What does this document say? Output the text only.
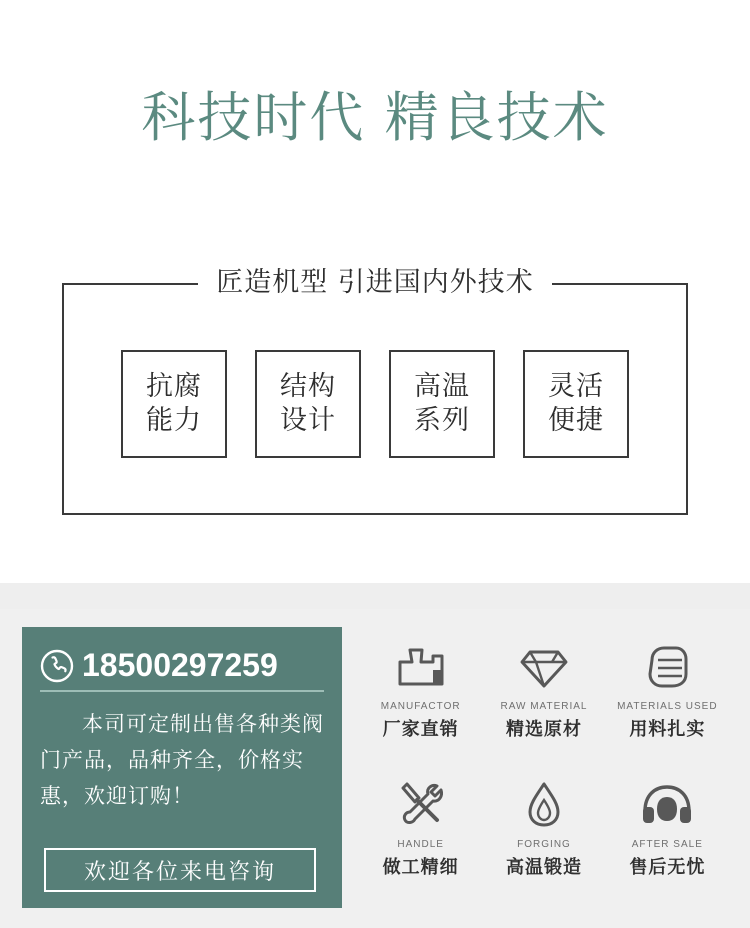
科技时代 精良技术
匠造机型 引进国内外技术
抗腐
能力
结构
设计
高温
系列
灵活
便捷
18500297259
本司可定制出售各种类阀门产品，品种齐全，价格实惠，欢迎订购！
欢迎各位来电咨询
MANUFACTOR
厂家直销
RAW MATERIAL
精选原材
MATERIALS USED
用料扎实
HANDLE
做工精细
FORGING
高温锻造
AFTER SALE
售后无忧
